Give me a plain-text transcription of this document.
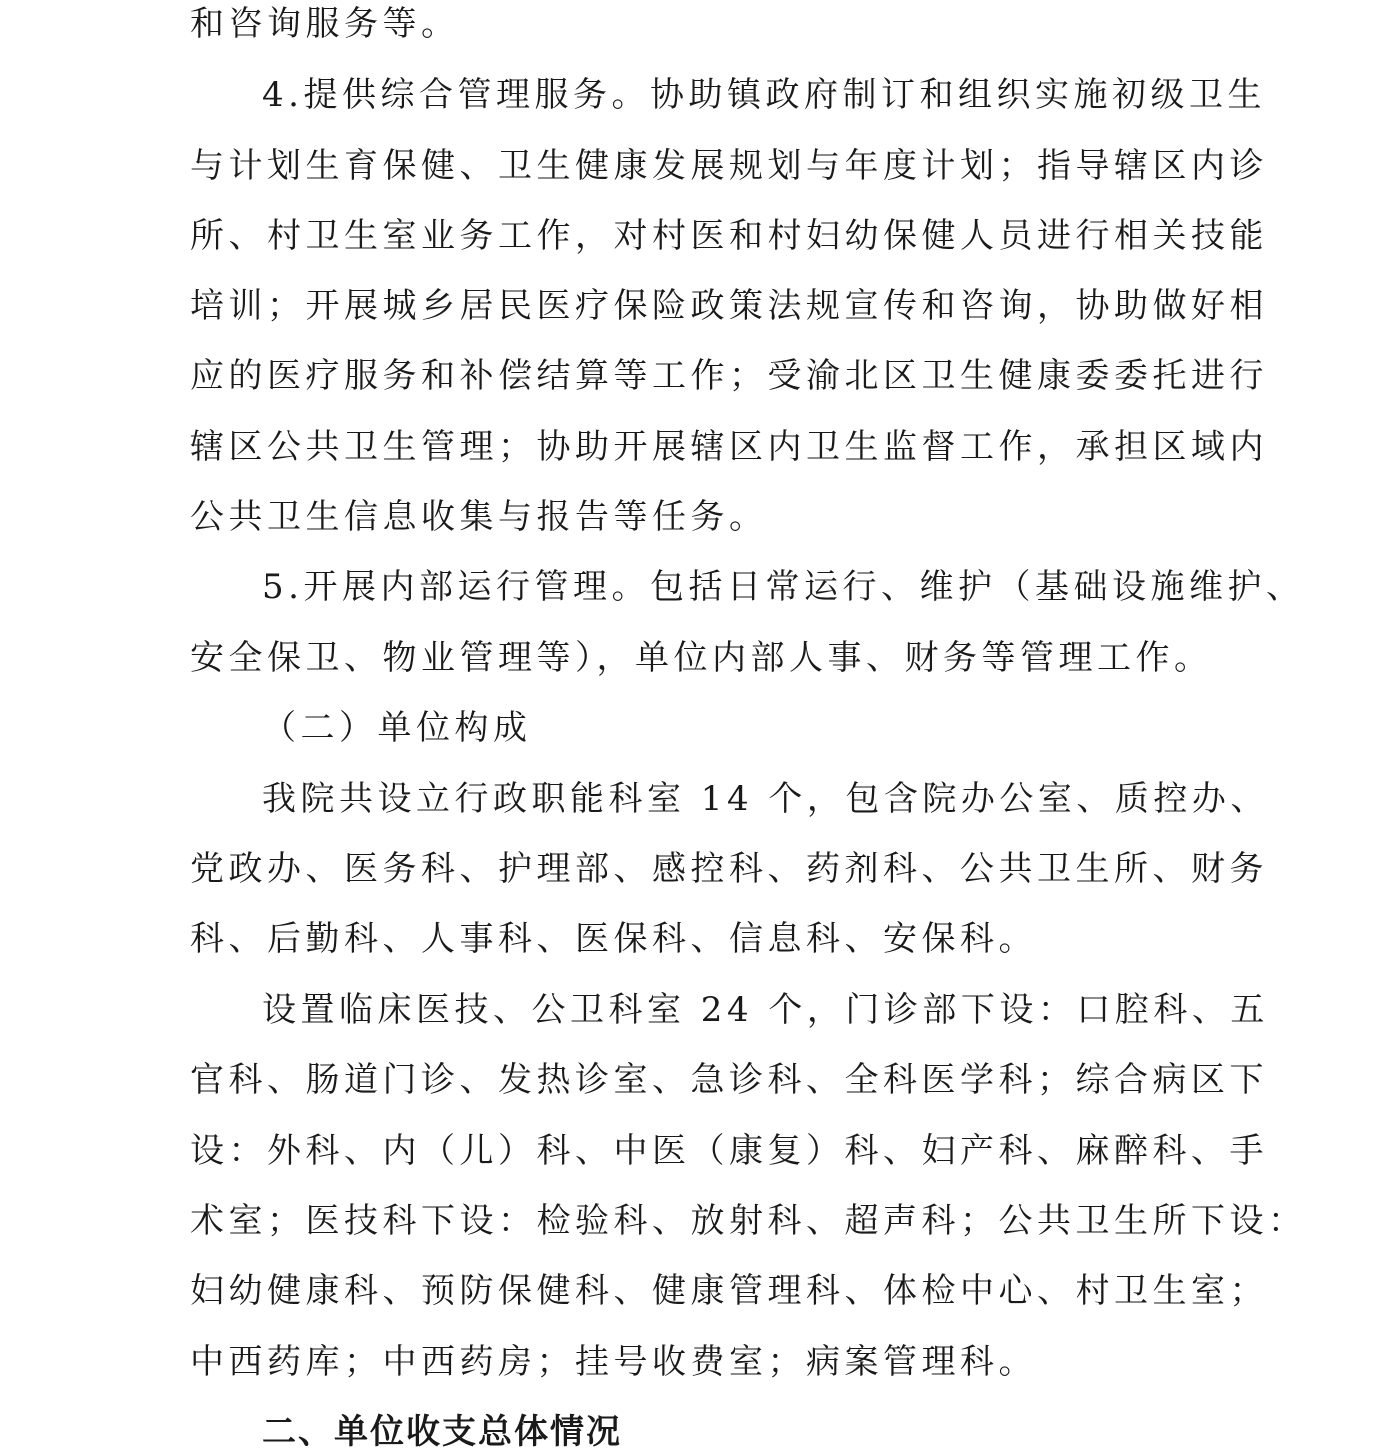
和咨询服务等。
4.提供综合管理服务。协助镇政府制订和组织实施初级卫生
与计划生育保健、卫生健康发展规划与年度计划；指导辖区内诊
所、村卫生室业务工作，对村医和村妇幼保健人员进行相关技能
培训；开展城乡居民医疗保险政策法规宣传和咨询，协助做好相
应的医疗服务和补偿结算等工作；受渝北区卫生健康委委托进行
辖区公共卫生管理；协助开展辖区内卫生监督工作，承担区域内
公共卫生信息收集与报告等任务。
5.开展内部运行管理。包括日常运行、维护（基础设施维护、
安全保卫、物业管理等），单位内部人事、财务等管理工作。
（二）单位构成
我院共设立行政职能科室 14 个，包含院办公室、质控办、
党政办、医务科、护理部、感控科、药剂科、公共卫生所、财务
科、后勤科、人事科、医保科、信息科、安保科。
设置临床医技、公卫科室 24 个，门诊部下设：口腔科、五
官科、肠道门诊、发热诊室、急诊科、全科医学科；综合病区下
设：外科、内（儿）科、中医（康复）科、妇产科、麻醉科、手
术室；医技科下设：检验科、放射科、超声科；公共卫生所下设：
妇幼健康科、预防保健科、健康管理科、体检中心、村卫生室；
中西药库；中西药房；挂号收费室；病案管理科。
二、单位收支总体情况
